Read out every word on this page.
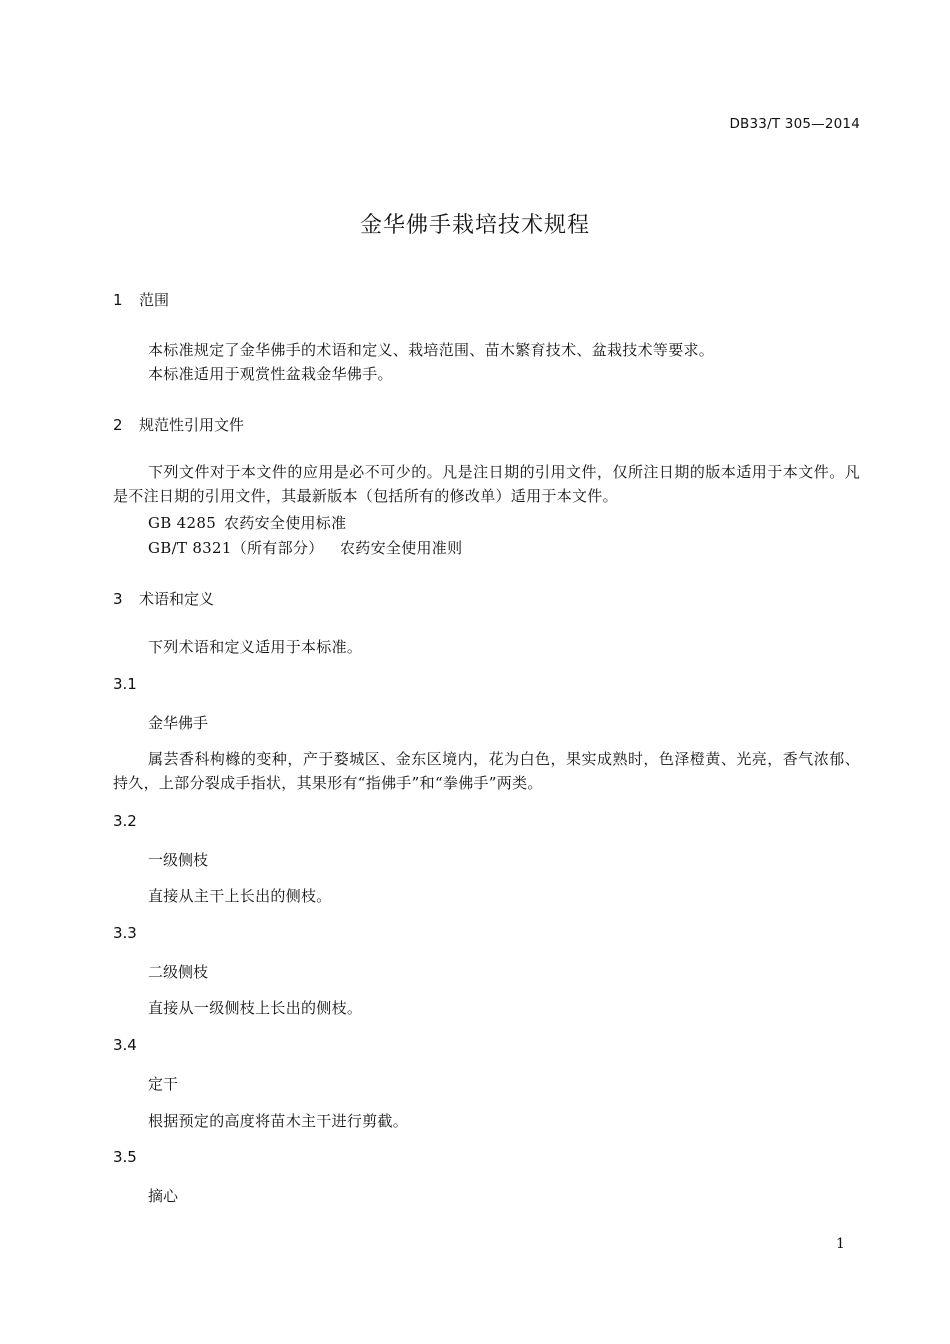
DB33/T 305—2014
金华佛手栽培技术规程
1 范围
本标准规定了金华佛手的术语和定义、栽培范围、苗木繁育技术、盆栽技术等要求。
本标准适用于观赏性盆栽金华佛手。
2 规范性引用文件
下列文件对于本文件的应用是必不可少的。凡是注日期的引用文件，仅所注日期的版本适用于本文件。凡是不注日期的引用文件，其最新版本（包括所有的修改单）适用于本文件。
GB 4285 农药安全使用标准
GB/T 8321（所有部分） 农药安全使用准则
3 术语和定义
下列术语和定义适用于本标准。
3.1
金华佛手
属芸香科枸橼的变种，产于婺城区、金东区境内，花为白色，果实成熟时，色泽橙黄、光亮，香气浓郁、持久，上部分裂成手指状，其果形有“指佛手”和“拳佛手”两类。
3.2
一级侧枝
直接从主干上长出的侧枝。
3.3
二级侧枝
直接从一级侧枝上长出的侧枝。
3.4
定干
根据预定的高度将苗木主干进行剪截。
3.5
摘心
1
